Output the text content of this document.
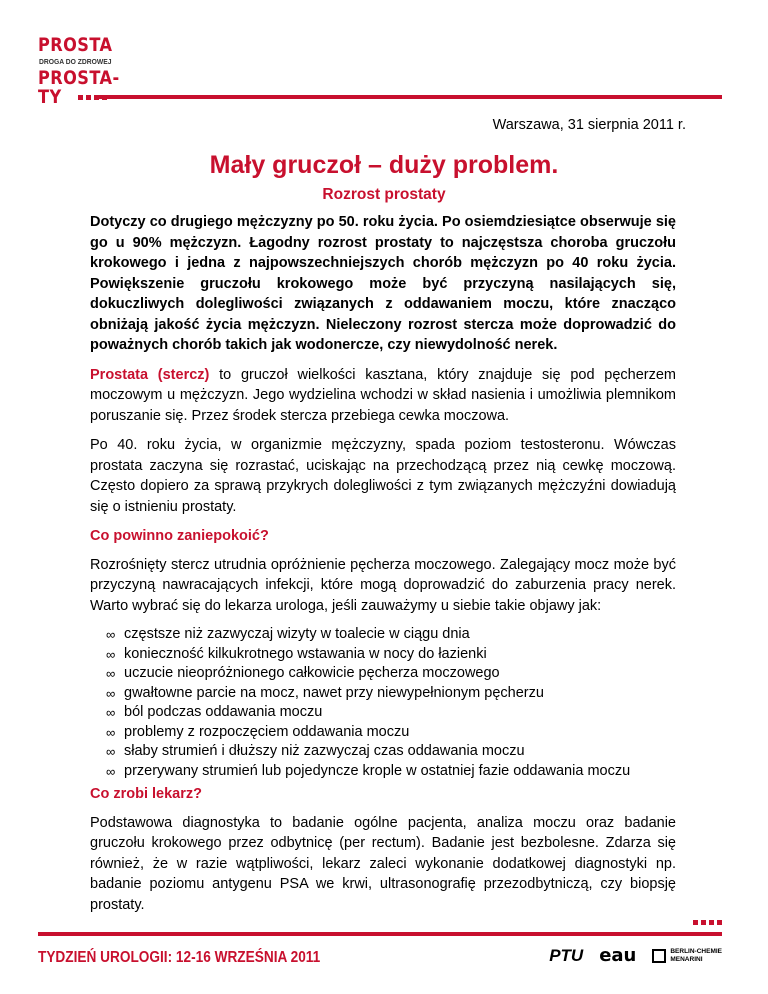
PROSTA
DROGA DO ZDROWEJ
PROSTA-
TY
Warszawa, 31 sierpnia 2011 r.
Mały gruczoł – duży problem.
Rozrost prostaty

Dotyczy co drugiego mężczyzny po 50. roku życia. Po osiemdziesiątce obserwuje się go u 90% mężczyzn. Łagodny rozrost prostaty to najczęstsza choroba gruczołu krokowego i jedna z najpowszechniejszych chorób mężczyzn po 40 roku życia. Powiększenie gruczołu krokowego może być przyczyną nasilających się, dokuczliwych dolegliwości związanych z oddawaniem moczu, które znacząco obniżają jakość życia mężczyzn. Nieleczony rozrost stercza może doprowadzić do poważnych chorób takich jak wodonercze, czy niewydolność nerek.

Prostata (stercz) to gruczoł wielkości kasztana, który znajduje się pod pęcherzem moczowym u mężczyzn. Jego wydzielina wchodzi w skład nasienia i umożliwia plemnikom poruszanie się. Przez środek stercza przebiega cewka moczowa.

Po 40. roku życia, w organizmie mężczyzny, spada poziom testosteronu. Wówczas prostata zaczyna się rozrastać, uciskając na przechodzącą przez nią cewkę moczową. Często dopiero za sprawą przykrych dolegliwości z tym związanych mężczyźni dowiadują się o istnieniu prostaty.

Co powinno zaniepokoić?

Rozrośnięty stercz utrudnia opróżnienie pęcherza moczowego. Zalegający mocz może być przyczyną nawracających infekcji, które mogą doprowadzić do zaburzenia pracy nerek. Warto wybrać się do lekarza urologa, jeśli zauważymy u siebie takie objawy jak:

∞ częstsze niż zazwyczaj wizyty w toalecie w ciągu dnia
∞ konieczność kilkukrotnego wstawania w nocy do łazienki
∞ uczucie nieopróżnionego całkowicie pęcherza moczowego
∞ gwałtowne parcie na mocz, nawet przy niewypełnionym pęcherzu
∞ ból podczas oddawania moczu
∞ problemy z rozpoczęciem oddawania moczu
∞ słaby strumień i dłuższy niż zazwyczaj czas oddawania moczu
∞ przerywany strumień lub pojedyncze krople w ostatniej fazie oddawania moczu

Co zrobi lekarz?

Podstawowa diagnostyka to badanie ogólne pacjenta, analiza moczu oraz badanie gruczołu krokowego przez odbytnicę (per rectum). Badanie jest bezbolesne. Zdarza się również, że w razie wątpliwości, lekarz zaleci wykonanie dodatkowej diagnostyki np. badanie poziomu antygenu PSA we krwi, ultrasonografię przezodbytniczą, czy biopsję prostaty.

TYDZIEŃ UROLOGII: 12-16 WRZEŚNIA 2011	PTU eau	BERLIN-CHEMIE
MENARINI
